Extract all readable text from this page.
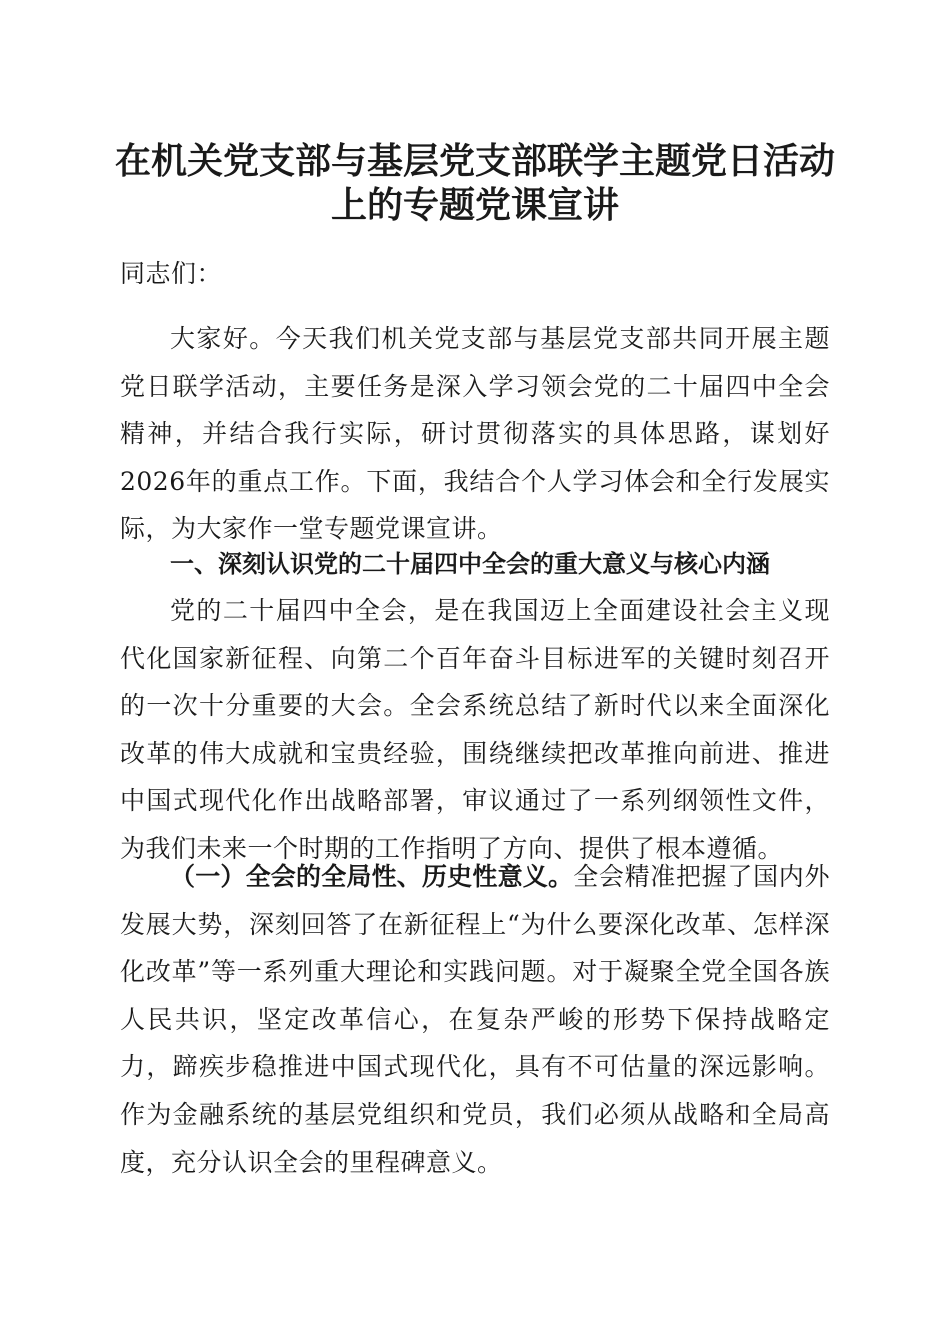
在机关党支部与基层党支部联学主题党日活动
上的专题党课宣讲
同志们：
大家好。今天我们机关党支部与基层党支部共同开展主题党日联学活动，主要任务是深入学习领会党的二十届四中全会精神，并结合我行实际，研讨贯彻落实的具体思路，谋划好2026年的重点工作。下面，我结合个人学习体会和全行发展实际，为大家作一堂专题党课宣讲。
一、深刻认识党的二十届四中全会的重大意义与核心内涵
党的二十届四中全会，是在我国迈上全面建设社会主义现代化国家新征程、向第二个百年奋斗目标进军的关键时刻召开的一次十分重要的大会。全会系统总结了新时代以来全面深化改革的伟大成就和宝贵经验，围绕继续把改革推向前进、推进中国式现代化作出战略部署，审议通过了一系列纲领性文件，为我们未来一个时期的工作指明了方向、提供了根本遵循。
（一）全会的全局性、历史性意义。全会精准把握了国内外发展大势，深刻回答了在新征程上“为什么要深化改革、怎样深化改革”等一系列重大理论和实践问题。对于凝聚全党全国各族人民共识，坚定改革信心，在复杂严峻的形势下保持战略定力，蹄疾步稳推进中国式现代化，具有不可估量的深远影响。作为金融系统的基层党组织和党员，我们必须从战略和全局高度，充分认识全会的里程碑意义。
